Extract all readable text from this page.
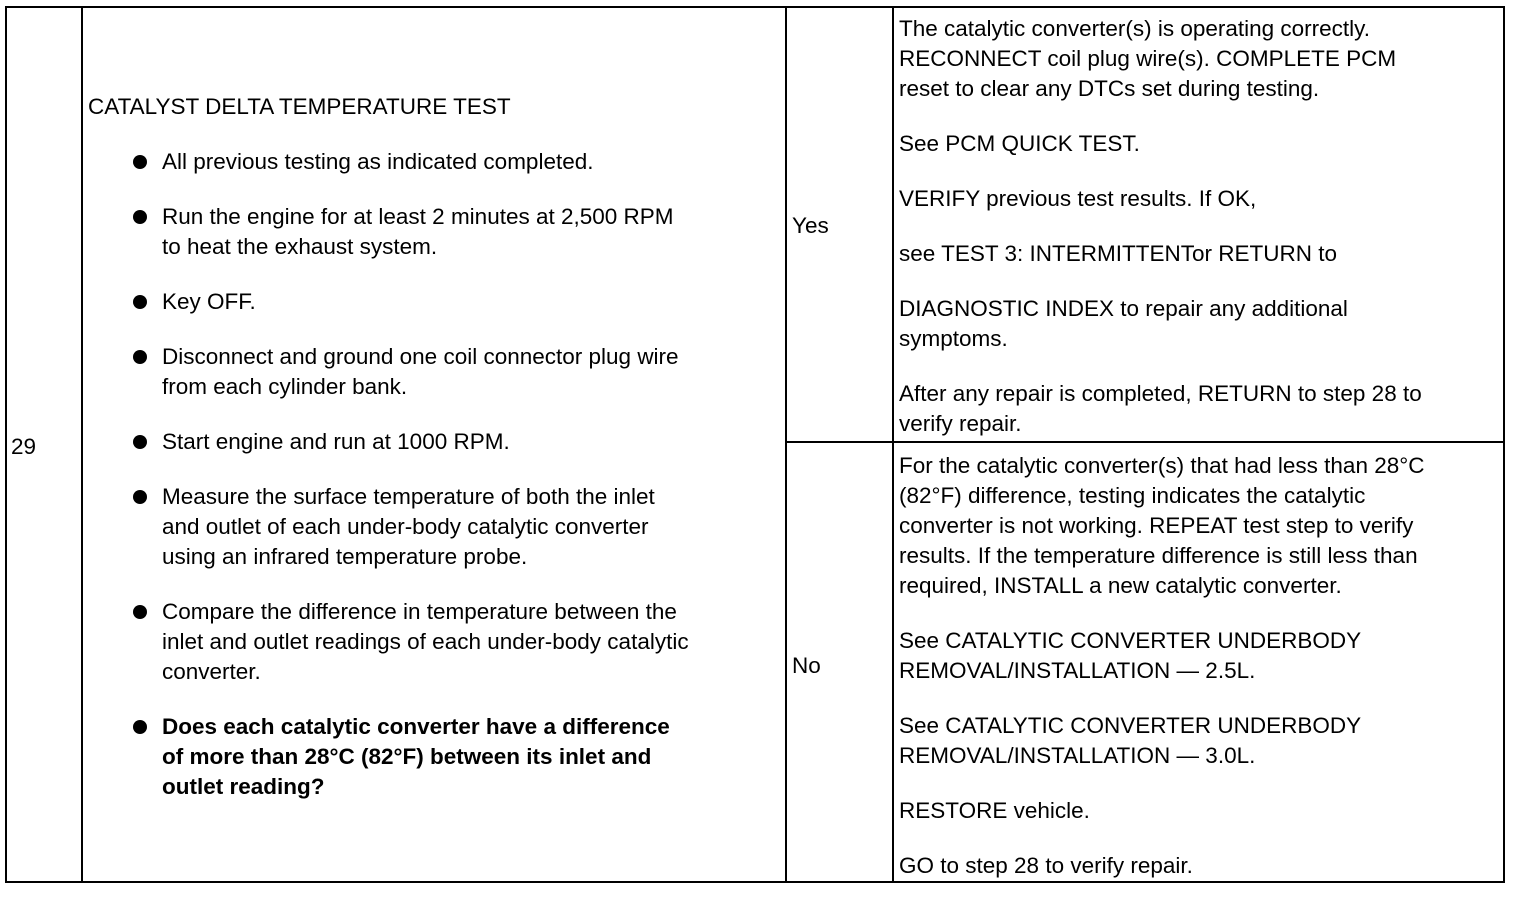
29

CATALYST DELTA TEMPERATURE TEST

All previous testing as indicated completed.
Run the engine for at least 2 minutes at 2,500 RPM
to heat the exhaust system.
Key OFF.
Disconnect and ground one coil connector plug wire
from each cylinder bank.
Start engine and run at 1000 RPM.
Measure the surface temperature of both the inlet
and outlet of each under-body catalytic converter
using an infrared temperature probe.
Compare the difference in temperature between the
inlet and outlet readings of each under-body catalytic
converter.
Does each catalytic converter have a difference
of more than 28°C (82°F) between its inlet and
outlet reading?
Yes
No

The catalytic converter(s) is operating correctly.
RECONNECT coil plug wire(s). COMPLETE PCM
reset to clear any DTCs set during testing.

See PCM QUICK TEST.

VERIFY previous test results. If OK,

see TEST 3: INTERMITTENTor RETURN to

DIAGNOSTIC INDEX to repair any additional
symptoms.

After any repair is completed, RETURN to step 28 to
verify repair.

For the catalytic converter(s) that had less than 28°C
(82°F) difference, testing indicates the catalytic
converter is not working. REPEAT test step to verify
results. If the temperature difference is still less than
required, INSTALL a new catalytic converter.

See CATALYTIC CONVERTER UNDERBODY
REMOVAL/INSTALLATION — 2.5L.

See CATALYTIC CONVERTER UNDERBODY
REMOVAL/INSTALLATION — 3.0L.

RESTORE vehicle.

GO to step 28 to verify repair.
